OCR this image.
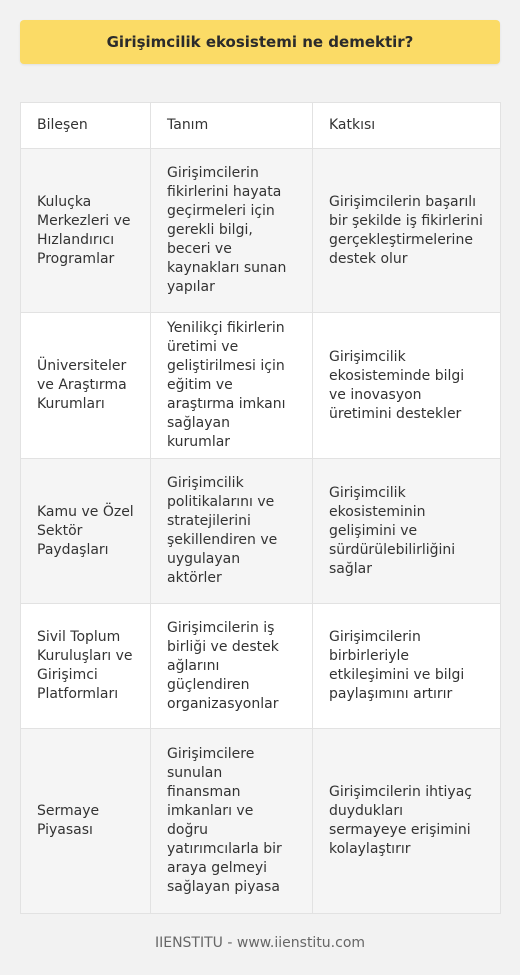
Girişimcilik ekosistemi ne demektir?
Bileşen	Tanım	Katkısı
Kuluçka Merkezleri ve Hızlandırıcı Programlar	Girişimcilerin fikirlerini hayata geçirmeleri için gerekli bilgi, beceri ve kaynakları sunan yapılar	Girişimcilerin başarılı bir şekilde iş fikirlerini gerçekleştirmelerine destek olur
Üniversiteler ve Araştırma Kurumları	Yenilikçi fikirlerin üretimi ve geliştirilmesi için eğitim ve araştırma imkanı sağlayan kurumlar	Girişimcilik ekosisteminde bilgi ve inovasyon üretimini destekler
Kamu ve Özel Sektör Paydaşları	Girişimcilik politikalarını ve stratejilerini şekillendiren ve uygulayan aktörler	Girişimcilik ekosisteminin gelişimini ve sürdürülebilirliğini sağlar
Sivil Toplum Kuruluşları ve Girişimci Platformları	Girişimcilerin iş birliği ve destek ağlarını güçlendiren organizasyonlar	Girişimcilerin birbirleriyle etkileşimini ve bilgi paylaşımını artırır
Sermaye Piyasası	Girişimcilere sunulan finansman imkanları ve doğru yatırımcılarla bir araya gelmeyi sağlayan piyasa	Girişimcilerin ihtiyaç duydukları sermayeye erişimini kolaylaştırır
IIENSTITU - www.iienstitu.com
